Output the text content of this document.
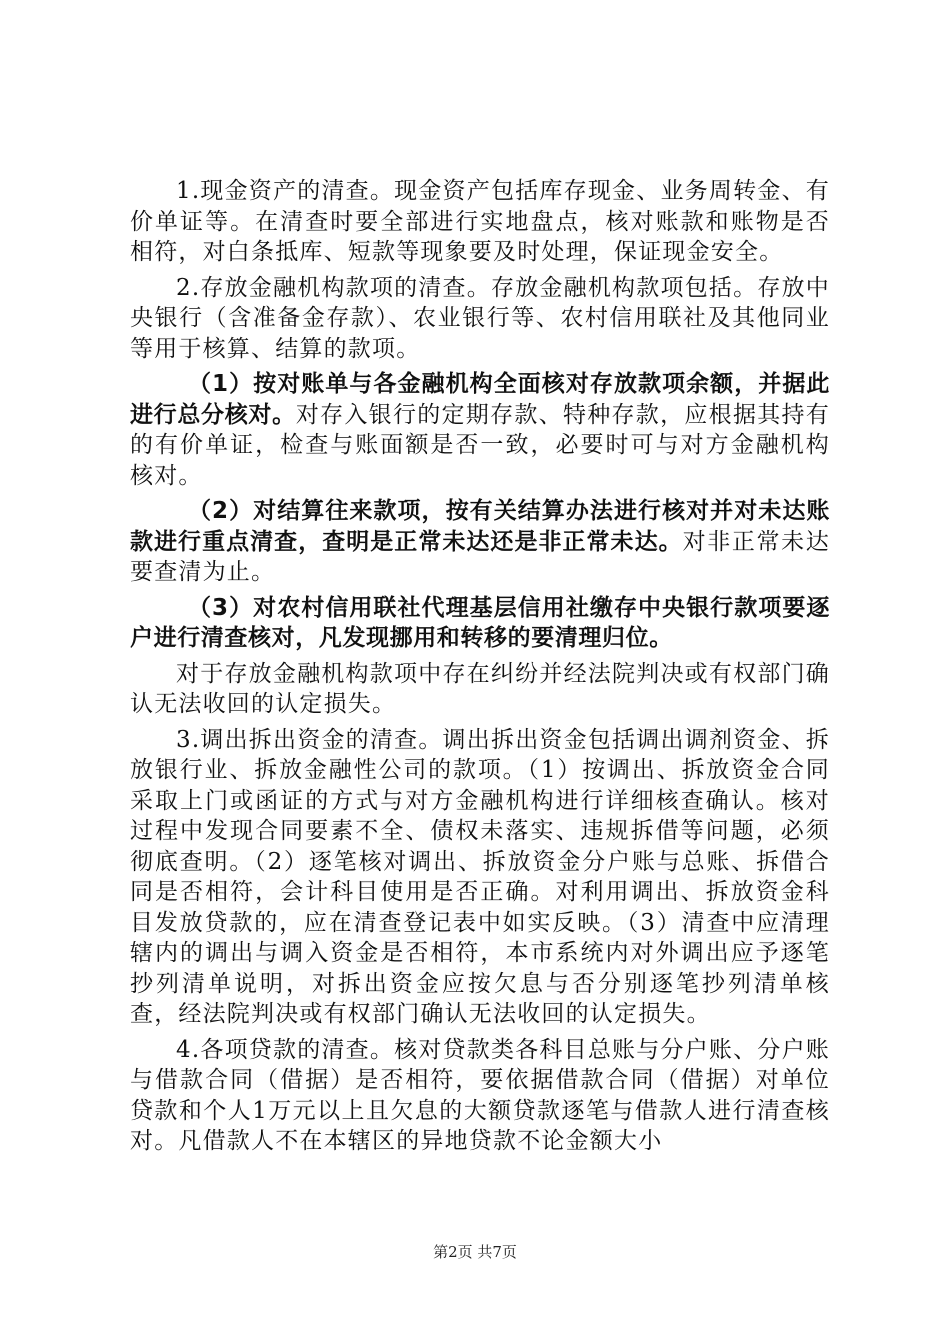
1.现金资产的清查。现金资产包括库存现金、业务周转金、有价单证等。在清查时要全部进行实地盘点，核对账款和账物是否相符，对白条抵库、短款等现象要及时处理，保证现金安全。

2.存放金融机构款项的清查。存放金融机构款项包括。存放中央银行（含准备金存款）、农业银行等、农村信用联社及其他同业等用于核算、结算的款项。

（1）按对账单与各金融机构全面核对存放款项余额，并据此进行总分核对。对存入银行的定期存款、特种存款，应根据其持有的有价单证，检查与账面额是否一致，必要时可与对方金融机构核对。

（2）对结算往来款项，按有关结算办法进行核对并对未达账款进行重点清查，查明是正常未达还是非正常未达。对非正常未达要查清为止。

（3）对农村信用联社代理基层信用社缴存中央银行款项要逐户进行清查核对，凡发现挪用和转移的要清理归位。

对于存放金融机构款项中存在纠纷并经法院判决或有权部门确认无法收回的认定损失。

3.调出拆出资金的清查。调出拆出资金包括调出调剂资金、拆放银行业、拆放金融性公司的款项。（1）按调出、拆放资金合同采取上门或函证的方式与对方金融机构进行详细核查确认。核对过程中发现合同要素不全、债权未落实、违规拆借等问题，必须彻底查明。（2）逐笔核对调出、拆放资金分户账与总账、拆借合同是否相符，会计科目使用是否正确。对利用调出、拆放资金科目发放贷款的，应在清查登记表中如实反映。（3）清查中应清理辖内的调出与调入资金是否相符，本市系统内对外调出应予逐笔抄列清单说明，对拆出资金应按欠息与否分别逐笔抄列清单核查，经法院判决或有权部门确认无法收回的认定损失。

4.各项贷款的清查。核对贷款类各科目总账与分户账、分户账与借款合同（借据）是否相符，要依据借款合同（借据）对单位贷款和个人1万元以上且欠息的大额贷款逐笔与借款人进行清查核对。凡借款人不在本辖区的异地贷款不论金额大小

第2页 共7页
